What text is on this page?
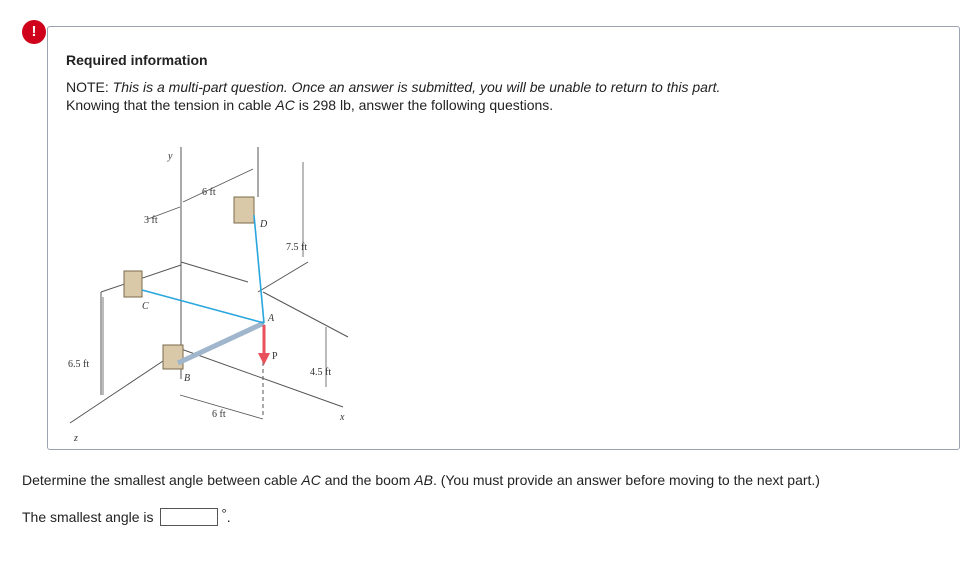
!
Required information
NOTE: This is a multi-part question. Once an answer is submitted, you will be unable to return to this part.
Knowing that the tension in cable AC is 298 lb, answer the following questions.
y
z
x
C
B
A
D
P
3 ft
6 ft
7.5 ft
6.5 ft
4.5 ft
6 ft
Determine the smallest angle between cable AC and the boom AB. (You must provide an answer before moving to the next part.)
The smallest angle is	° .
